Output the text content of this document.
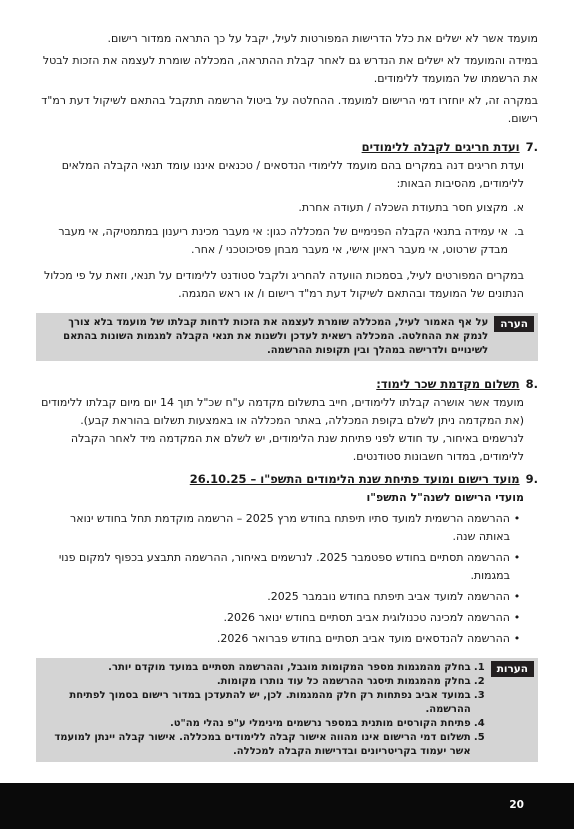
מועמד אשר לא ישלים את כלל הדרישות המפורטות לעיל, יקבל על כך התראה ממדור רישום.

במידה והמועמד לא ישלים את הנדרש גם לאחר קבלת ההתראה, המכללה שומרת לעצמה את הזכות לבטל את הרשמתו של המועמד ללימודים.

במקרה זה, לא יוחזרו דמי הרישום למועמד. ההחלטה על ביטול הרשמה תתקבל בהתאם לשיקול דעת רמ"ד רישום.

.7ועדת חריגים לקבלה ללימודים

ועדת חריגים דנה במקרים בהם מועמד ללימודי הנדסאים / טכנאים איננו עומד תנאי הקבלה המלאים ללימודים, מהסיבות הבאות:

א.
מקצוע חסר בתעודת השכלה / תעודה אחרת.
ב.
אי עמידה בתנאי הקבלה הפנימיים של המכללה כגון: אי מעבר מכינת ריענון במתמטיקה, אי מעבר מבדק שרטוט, אי מעבר ראיון אישי, אי מעבר מבחן פסיכוטכני / אחר.

במקרים המפורטים לעיל, בסמכות הוועדה להחריג ולקבל סטודנט ללימודים על תנאי, וזאת על פי מכלול הנתונים של המועמד ובהתאם לשיקול דעת רמ"ד רישום ו/ או ראש המגמה.

הערה
על אף האמור לעיל, המכללה שומרת לעצמה את הזכות לדחות קבלתו של מועמד בלא צורך לנמק את ההחלטה. המכללה רשאית לעדכן ולשנות את תנאי הקבלה למגמות השונות בהתאם לשינויים ולדרישה במהלך ובין תקופות ההרשמה.
.8תשלום מקדמת שכר לימוד:

מועמד אשר אושרה קבלתו ללימודים, חייב בתשלום מקדמה ע"ח שכ"ל תוך 14 יום מיום קבלתו ללימודים (את המקדמה ניתן לשלם בקופת המכללה, באתר המכללה או באמצעות תשלום בהוראת קבע). לנרשמים באיחור, עד חודש לפני פתיחת שנת הלימודים, יש לשלם את המקדמה מיד לאחר הקבלה ללימודים, במדור חשבונות סטודנטים.

.9מועד רישום ומועד פתיחת שנת הלימודים התשפ"ו – 26.10.25

מועדי הרישום לשנה"ל התשפ"ו

•
ההרשמה הרשמית למועד סתיו תיפתח בחודש מרץ 2025 – הרשמה מוקדמת תחל בחודש ינואר באותה שנה.
•
ההרשמה תסתיים בחודש ספטמבר 2025. לנרשמים באיחור, ההרשמה תתבצע בכפוף למקום פנוי במגמות.
•
ההרשמה למועד אביב תיפתח בחודש נובמבר 2025.
•
ההרשמה למכינה טכנולוגית אביב תסתיים בחודש ינואר 2026.
•
ההרשמה להנדסאים מועד אביב תסתיים בחודש פברואר 2026.
הערות
1.
בחלק מהמגמות מספר המקומות מוגבל, וההרשמה תסתיים במועד מוקדם יותר.
2.
בחלק מהמגמות תיסגר ההרשמה כל עוד נותרו מקומות.
3.
במועד אביב נפתחות רק חלק מהמגמות. לכן, יש להתעדכן במדור רישום בסמוך לפתיחת ההרשמה.
4.
פתיחת הקורסים מותנית במספר נרשמים מינימלי ע"פ נהלי מה"ט.
5.
תשלום דמי הרישום אינו מהווה אישור קבלה ללימודים במכללה. אישור קבלה יינתן למועמד אשר יעמוד בקריטריונים ובדרישות הקבלה למכללה.
20
